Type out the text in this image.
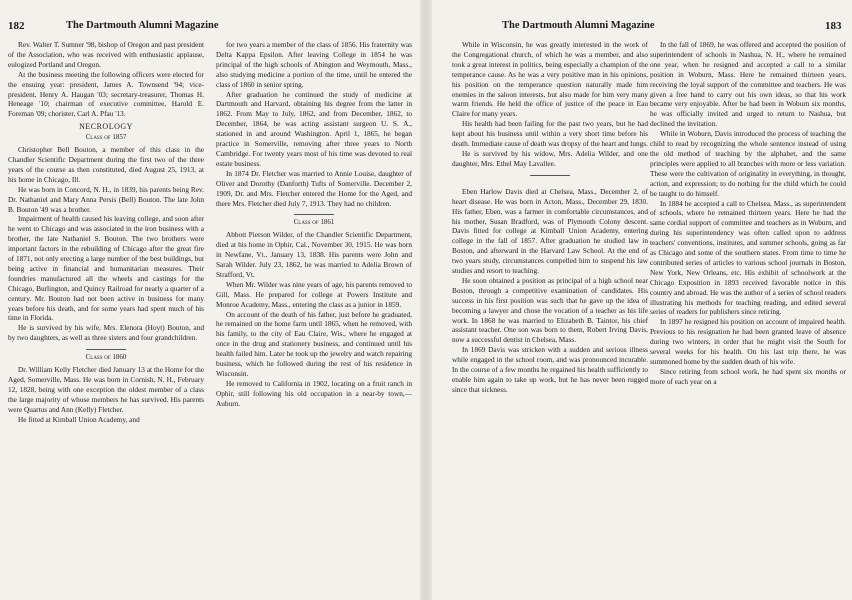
182	The Dartmouth Alumni Magazine

Rev. Walter T. Sumner '98, bishop of Oregon and past president of the Association, who was received with enthusiastic applause, eulogized Portland and Oregon.

At the business meeting the following officers were elected for the ensuing year: president, James A. Townsend '94; vice-president, Henry A. Haugan '03; secretary-treasurer, Thomas H. Heneage '10; chairman of executive committee, Harold E. Foreman '09; chorister, Carl A. Pfau '13.

NECROLOGY
Class of 1857

Christopher Bell Bouton, a member of this class in the Chandler Scientific Department during the first two of the three years of the course as then constituted, died August 25, 1913, at his home in Chicago, Ill.

He was born in Concord, N. H., in 1839, his parents being Rev. Dr. Nathaniel and Mary Anna Persis (Bell) Bouton. The late John B. Bouton '49 was a brother.

Impairment of health caused his leaving college, and soon after he went to Chicago and was associated in the iron business with a brother, the late Nathaniel S. Bouton. The two brothers were important factors in the rebuilding of Chicago after the great fire of 1871, not only erecting a large number of the best buildings, but being active in financial and humanitarian measures. Their foundries manufactured all the wheels and castings for the Chicago, Burlington, and Quincy Railroad for nearly a quarter of a century. Mr. Bouton had not been active in business for many years before his death, and for some years had spent much of his time in Florida.

He is survived by his wife, Mrs. Elenora (Hoyt) Bouton, and by two daughters, as well as three sisters and four grandchildren.

Class of 1860

Dr. William Kelly Fletcher died January 13 at the Home for the Aged, Somerville, Mass. He was born in Cornish, N. H., February 12, 1828, being with one exception the oldest member of a class the large majority of whose members he has survived. His parents were Quartus and Ann (Kelly) Fletcher.

He fitted at Kimball Union Academy, and

for two years a member of the class of 1856. His fraternity was Delta Kappa Epsilon. After leaving College in 1854 he was principal of the high schools of Abington and Weymouth, Mass., also studying medicine a portion of the time, until he entered the class of 1860 in senior spring.

After graduation he continued the study of medicine at Dartmouth and Harvard, obtaining his degree from the latter in 1862. From May to July, 1862, and from December, 1862, to December, 1864, he was acting assistant surgeon U. S. A., stationed in and around Washington. April 1, 1865, he began practice in Somerville, removing after three years to North Cambridge. For twenty years most of his time was devoted to real estate business.

In 1874 Dr. Fletcher was married to Annie Louise, daughter of Oliver and Dorothy (Danforth) Tufts of Somerville. December 2, 1909, Dr. and Mrs. Fletcher entered the Home for the Aged, and there Mrs. Fletcher died July 7, 1913. They had no children.

Class of 1861

Abbott Pierson Wilder, of the Chandler Scientific Department, died at his home in Ophir, Cal., November 30, 1915. He was born in Newfane, Vt., January 13, 1838. His parents were John and Sarah Wilder. July 23, 1862, he was married to Adelia Brown of Strafford, Vt.

When Mr. Wilder was nine years of age, his parents removed to Gill, Mass. He prepared for college at Powers Institute and Monroe Academy, Mass., entering the class as a junior in 1859.

On account of the death of his father, just before he graduated, he remained on the home farm until 1865, when he removed, with his family, to the city of Eau Claire, Wis., where he engaged at once in the drug and stationery business, and continued until his health failed him. Later he took up the jewelry and watch repairing business, which he followed during the rest of his residence in Wisconsin.

He removed to California in 1902, locating on a fruit ranch in Ophir, still following his old occupation in a near-by town,—Auburn.

The Dartmouth Alumni Magazine	183

While in Wisconsin, he was greatly interested in the work of the Congregational church, of which he was a member, and also took a great interest in politics, being especially a champion of the temperance cause. As he was a very positive man in his opinions, his position on the temperance question naturally made him enemies in the saloon interests, but also made for him very many warm friends. He held the office of justice of the peace in Eau Claire for many years.

His health had been failing for the past two years, but he had kept about his business until within a very short time before his death. Immediate cause of death was dropsy of the heart and lungs.

He is survived by his widow, Mrs. Adelia Wilder, and one daughter, Mrs. Ethel May Lavallee.

Eben Harlow Davis died at Chelsea, Mass., December 2, of heart disease. He was born in Acton, Mass., December 29, 1830. His father, Eben, was a farmer in comfortable circumstances, and his mother, Susan Bradford, was of Plymouth Colony descent. Davis fitted for college at Kimball Union Academy, entering college in the fall of 1857. After graduation he studied law in Boston, and afterward in the Harvard Law School. At the end of two years study, circumstances compelled him to suspend his law studies and resort to teaching.

He soon obtained a position as principal of a high school near Boston, through a competitive examination of candidates. His success in his first position was such that he gave up the idea of becoming a lawyer and chose the vocation of a teacher as his life work. In 1868 he was married to Elizabeth B. Taintor, his chief assistant teacher. One son was born to them, Robert Irving Davis, now a successful dentist in Chelsea, Mass.

In 1869 Davis was stricken with a sudden and serious illness while engaged in the school room, and was pronounced incurable. In the course of a few months he regained his health sufficiently to enable him again to take up work, but he has never been rugged since that sickness.

In the fall of 1869, he was offered and accepted the position of superintendent of schools in Nashua, N. H., where he remained one year, when he resigned and accepted a call to a similar position in Woburn, Mass. Here he remained thirteen years, receiving the loyal support of the committee and teachers. He was given a free hand to carry out his own ideas, so that his work became very enjoyable. After he had been in Woburn six months, he was officially invited and urged to return to Nashua, but declined the invitation.

While in Woburn, Davis introduced the process of teaching the child to read by recognizing the whole sentence instead of using the old method of teaching by the alphabet, and the same principles were applied to all branches with more or less variation. These were the cultivation of originality in everything, in thought, action, and expression; to do nothing for the child which he could be taught to do himself.

In 1884 he accepted a call to Chelsea, Mass., as superintendent of schools, where he remained thirteen years. Here he had the same cordial support of committee and teachers as in Woburn, and during his superintendency was often called upon to address teachers' conventions, institutes, and summer schools, going as far as Chicago and some of the southern states. From time to time he contributed series of articles to various school journals in Boston, New York, New Orleans, etc. His exhibit of schoolwork at the Chicago Exposition in 1893 received favorable notice in this country and abroad. He was the author of a series of school readers illustrating his methods for teaching reading, and edited several series of readers for publishers since retiring.

In 1897 he resigned his position on account of impaired health. Previous to his resignation he had been granted leave of absence during two winters, in order that he might visit the South for several weeks for his health. On his last trip there, he was summoned home by the sudden death of his wife.

Since retiring from school work, he had spent six months or more of each year on a
